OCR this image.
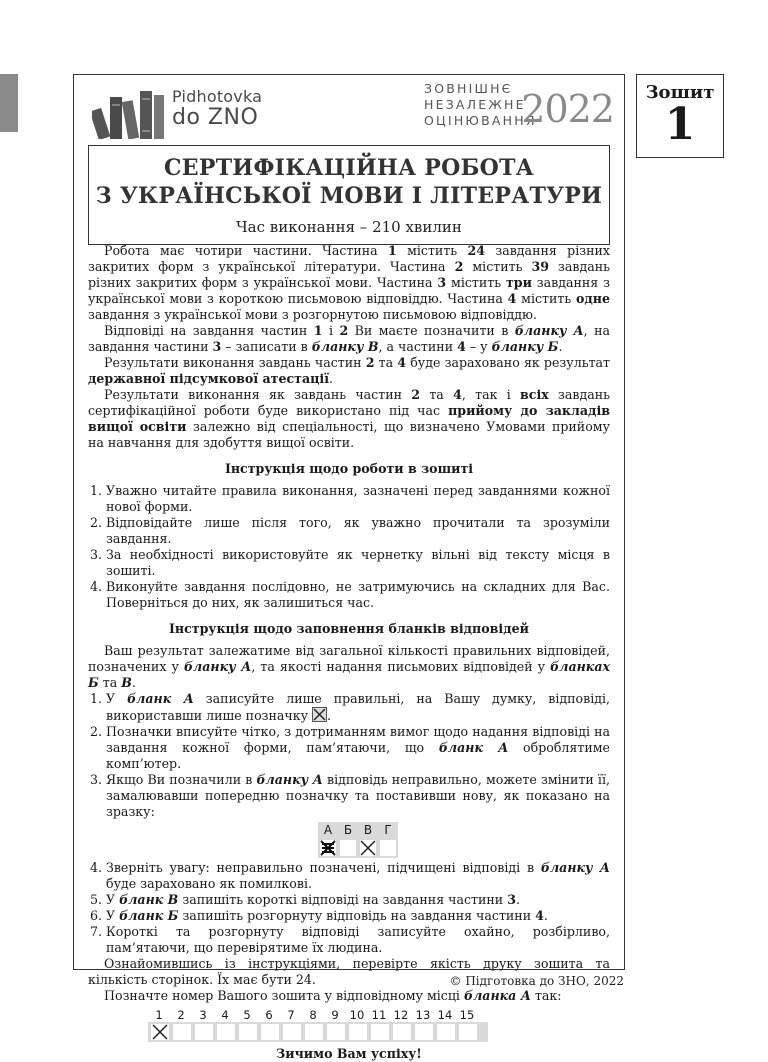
Pidhotovka
do ZNO
ЗОВНІШНЄ
НЕЗАЛЕЖНЕ
ОЦІНЮВАННЯ
2022
СЕРТИФІКАЦІЙНА РОБОТА
З УКРАЇНСЬКОЇ МОВИ І ЛІТЕРАТУРИ
Час виконання – 210 хвилин

Робота має чотири частини. Частина 1 містить 24 завдання різних закритих форм з української літератури. Частина 2 містить 39 завдань різних закритих форм з української мови. Частина 3 містить три завдання з української мови з короткою письмовою відповіддю. Частина 4 містить одне завдання з української мови з розгорнутою письмовою відповіддю.

Відповіді на завдання частин 1 і 2 Ви маєте позначити в бланку А, на завдання частини 3 – записати в бланку В, а частини 4 – у бланку Б.

Результати виконання завдань частин 2 та 4 буде зараховано як результат державної підсумкової атестації.

Результати виконання як завдань частин 2 та 4, так і всіх завдань сертифікаційної роботи буде використано під час прийому до закладів вищої освіти залежно від спеціальності, що визначено Умовами прийому на навчання для здобуття вищої освіти.

Інструкція щодо роботи в зошиті
1. Уважно читайте правила виконання, зазначені перед завданнями кожної нової форми.
2. Відповідайте лише після того, як уважно прочитали та зрозуміли завдання.
3. За необхідності використовуйте як чернетку вільні від тексту місця в зошиті.
4. Виконуйте завдання послідовно, не затримуючись на складних для Вас. Поверніться до них, як залишиться час.
Інструкція щодо заповнення бланків відповідей

Ваш результат залежатиме від загальної кількості правильних відповідей, позначених у бланку А, та якості надання письмових відповідей у бланках Б та В.

1. У бланк А записуйте лише правильні, на Вашу думку, відповіді, використавши лише позначку
.
2. Позначки вписуйте чітко, з дотриманням вимог щодо надання відповіді на завдання кожної форми, пам’ятаючи, що бланк А оброблятиме комп’ютер.
3. Якщо Ви позначили в бланку А відповідь неправильно, можете змінити її, замалювавши попередню позначку та поставивши нову, як показано на зразку:
А Б В	Г
4. Зверніть увагу: неправильно позначені, підчищені відповіді в бланку А буде зараховано як помилкові.
5. У бланк В запишіть короткі відповіді на завдання частини 3.
6. У бланк Б запишіть розгорнуту відповідь на завдання частини 4.
7. Короткі та розгорнуту відповіді записуйте охайно, розбірливо, пам’ятаючи, що перевірятиме їх людина.

Ознайомившись із інструкціями, перевірте якість друку зошита та кількість сторінок. Їх має бути 24.

Позначте номер Вашого зошита у відповідному місці бланка А так:

1	2	3	4	5	6	7	8	9 10 11 12 13 14 15
Зичимо Вам успіху!
Зошит
1
© Підготовка до ЗНО, 2022
